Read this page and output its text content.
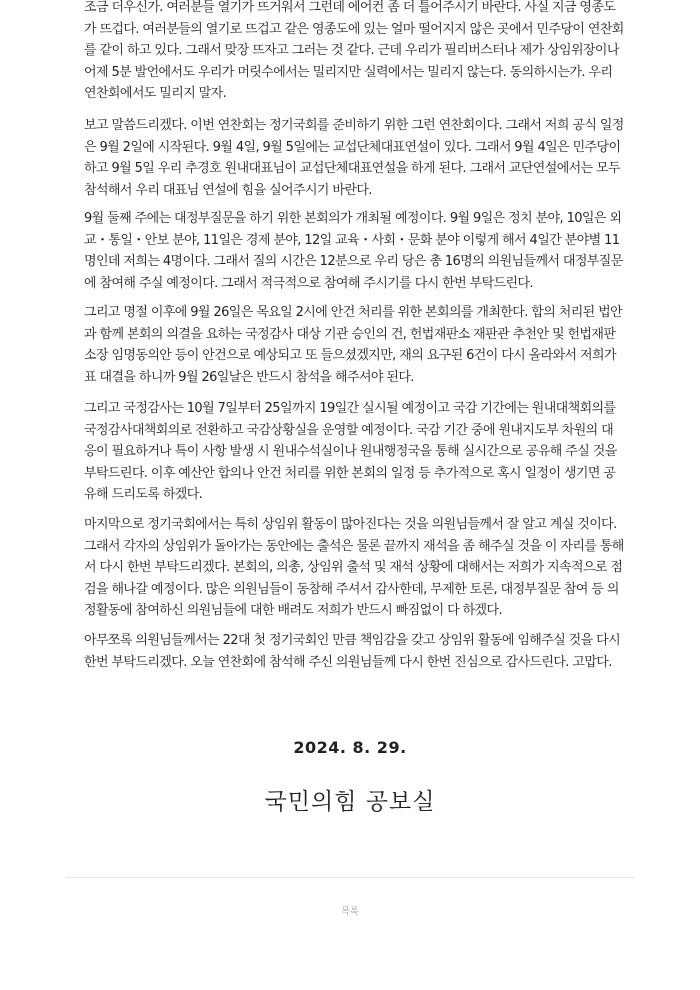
조금 더우신가. 여러분들 열기가 뜨거워서 그런데 에어컨 좀 더 틀어주시기 바란다. 사실 지금 영종도가 뜨겁다. 여러분들의 열기로 뜨겁고 같은 영종도에 있는 얼마 떨어지지 않은 곳에서 민주당이 연찬회를 같이 하고 있다. 그래서 맞장 뜨자고 그러는 것 같다. 근데 우리가 필리버스터나 제가 상임위장이나 어제 5분 발언에서도 우리가 머릿수에서는 밀리지만 실력에서는 밀리지 않는다. 동의하시는가. 우리 연찬회에서도 밀리지 말자.

보고 말씀드리겠다. 이번 연찬회는 정기국회를 준비하기 위한 그런 연찬회이다. 그래서 저희 공식 일정은 9월 2일에 시작된다. 9월 4일, 9월 5일에는 교섭단체대표연설이 있다. 그래서 9월 4일은 민주당이 하고 9월 5일 우리 추경호 원내대표님이 교섭단체대표연설을 하게 된다. 그래서 교단연설에서는 모두 참석해서 우리 대표님 연설에 힘을 실어주시기 바란다.

9월 둘째 주에는 대정부질문을 하기 위한 본회의가 개최될 예정이다. 9월 9일은 정치 분야, 10일은 외교・통일・안보 분야, 11일은 경제 분야, 12일 교육・사회・문화 분야 이렇게 해서 4일간 분야별 11명인데 저희는 4명이다. 그래서 질의 시간은 12분으로 우리 당은 총 16명의 의원님들께서 대정부질문에 참여해 주실 예정이다. 그래서 적극적으로 참여해 주시기를 다시 한번 부탁드린다.

그리고 명절 이후에 9월 26일은 목요일 2시에 안건 처리를 위한 본회의를 개최한다. 합의 처리된 법안과 함께 본회의 의결을 요하는 국정감사 대상 기관 승인의 건, 헌법재판소 재판관 추천안 및 헌법재판소장 임명동의안 등이 안건으로 예상되고 또 들으셨겠지만, 재의 요구된 6건이 다시 올라와서 저희가 표 대결을 하니까 9월 26일날은 반드시 참석을 해주셔야 된다.

그리고 국정감사는 10월 7일부터 25일까지 19일간 실시될 예정이고 국감 기간에는 원내대책회의를 국정감사대책회의로 전환하고 국감상황실을 운영할 예정이다. 국감 기간 중에 원내지도부 차원의 대응이 필요하거나 특이 사항 발생 시 원내수석실이나 원내행정국을 통해 실시간으로 공유해 주실 것을 부탁드린다. 이후 예산안 합의나 안건 처리를 위한 본회의 일정 등 추가적으로 혹시 일정이 생기면 공유해 드리도록 하겠다.

마지막으로 정기국회에서는 특히 상임위 활동이 많아진다는 것을 의원님들께서 잘 알고 계실 것이다. 그래서 각자의 상임위가 돌아가는 동안에는 출석은 물론 끝까지 재석을 좀 해주실 것을 이 자리를 통해서 다시 한번 부탁드리겠다. 본회의, 의총, 상임위 출석 및 재석 상황에 대해서는 저희가 지속적으로 점검을 해나갈 예정이다. 많은 의원님들이 동참해 주셔서 감사한데, 무제한 토론, 대정부질문 참여 등 의정활동에 참여하신 의원님들에 대한 배려도 저희가 반드시 빠짐없이 다 하겠다.

아무쪼록 의원님들께서는 22대 첫 정기국회인 만큼 책임감을 갖고 상임위 활동에 임해주실 것을 다시 한번 부탁드리겠다. 오늘 연찬회에 참석해 주신 의원님들께 다시 한번 진심으로 감사드린다. 고맙다.

2024. 8. 29.
국민의힘 공보실
목록
